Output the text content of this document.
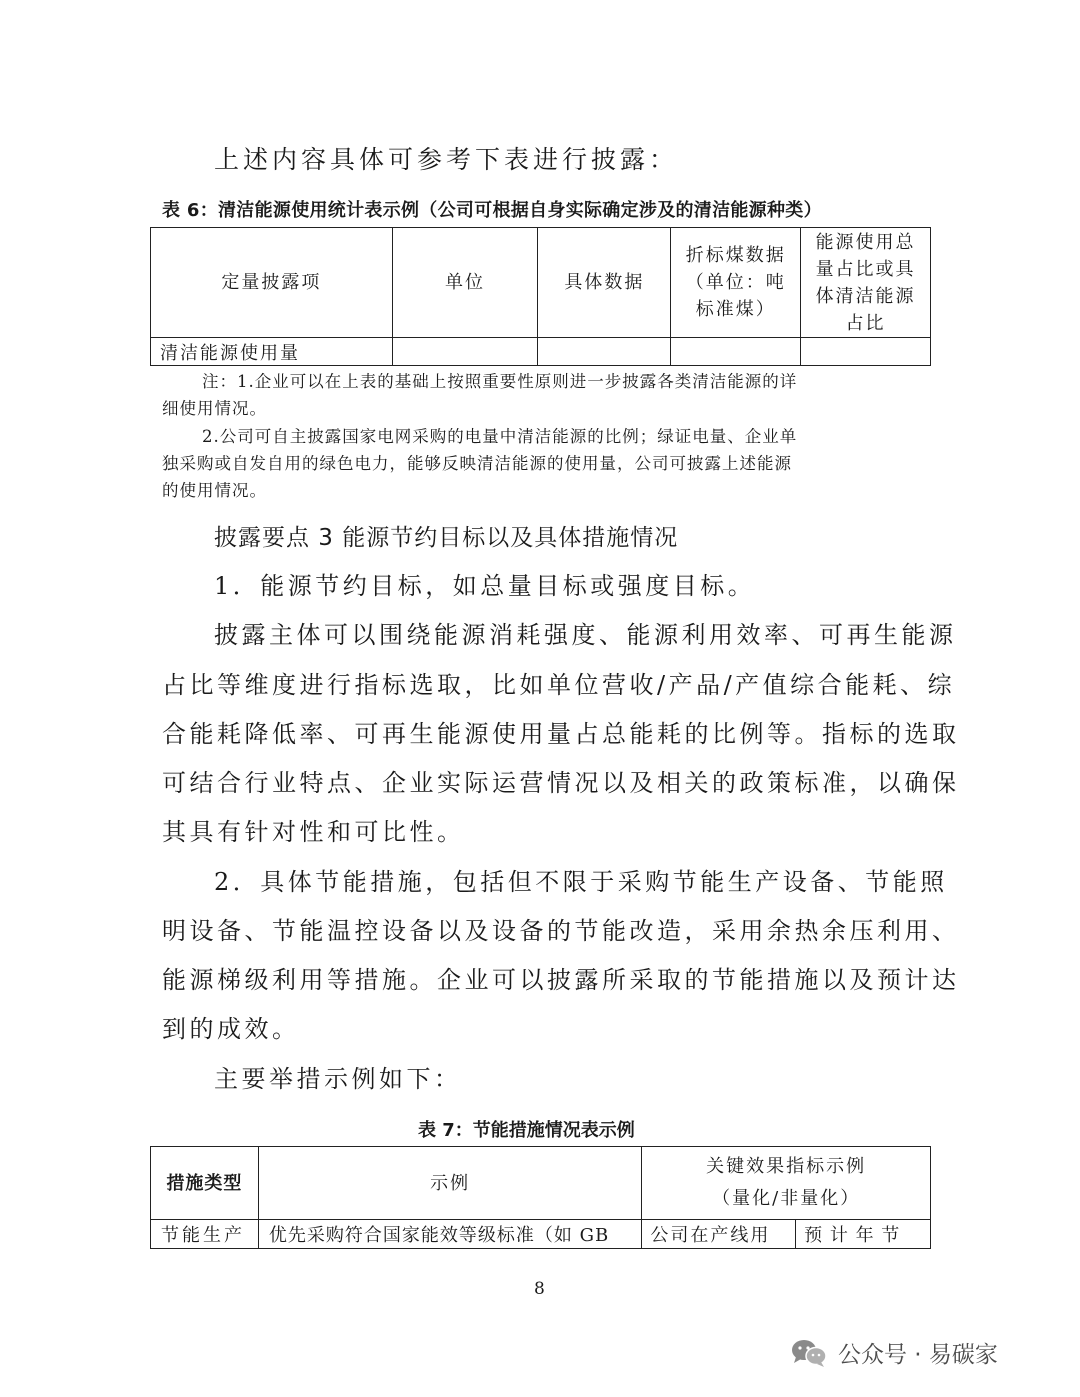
上述内容具体可参考下表进行披露：
表 6：清洁能源使用统计表示例（公司可根据自身实际确定涉及的清洁能源种类）
定量披露项	单位	具体数据	折标煤数据（单位：吨标准煤）	能源使用总量占比或具体清洁能源占比
清洁能源使用量				
注：1.企业可以在上表的基础上按照重要性原则进一步披露各类清洁能源的详
细使用情况。
2.公司可自主披露国家电网采购的电量中清洁能源的比例；绿证电量、企业单
独采购或自发自用的绿色电力，能够反映清洁能源的使用量，公司可披露上述能源
的使用情况。
披露要点 3 能源节约目标以及具体措施情况
1．能源节约目标，如总量目标或强度目标。
披露主体可以围绕能源消耗强度、能源利用效率、可再生能源
占比等维度进行指标选取，比如单位营收/产品/产值综合能耗、综
合能耗降低率、可再生能源使用量占总能耗的比例等。指标的选取
可结合行业特点、企业实际运营情况以及相关的政策标准，以确保
其具有针对性和可比性。
2．具体节能措施，包括但不限于采购节能生产设备、节能照
明设备、节能温控设备以及设备的节能改造，采用余热余压利用、
能源梯级利用等措施。企业可以披露所采取的节能措施以及预计达
到的成效。
主要举措示例如下：
表 7：节能措施情况表示例
措施类型	示例	关键效果指标示例
（量化/非量化）	

节能生产	优先采购符合国家能效等级标准（如 GB	公司在产线用	预 计 年 节
8
公众号 · 易碳家
